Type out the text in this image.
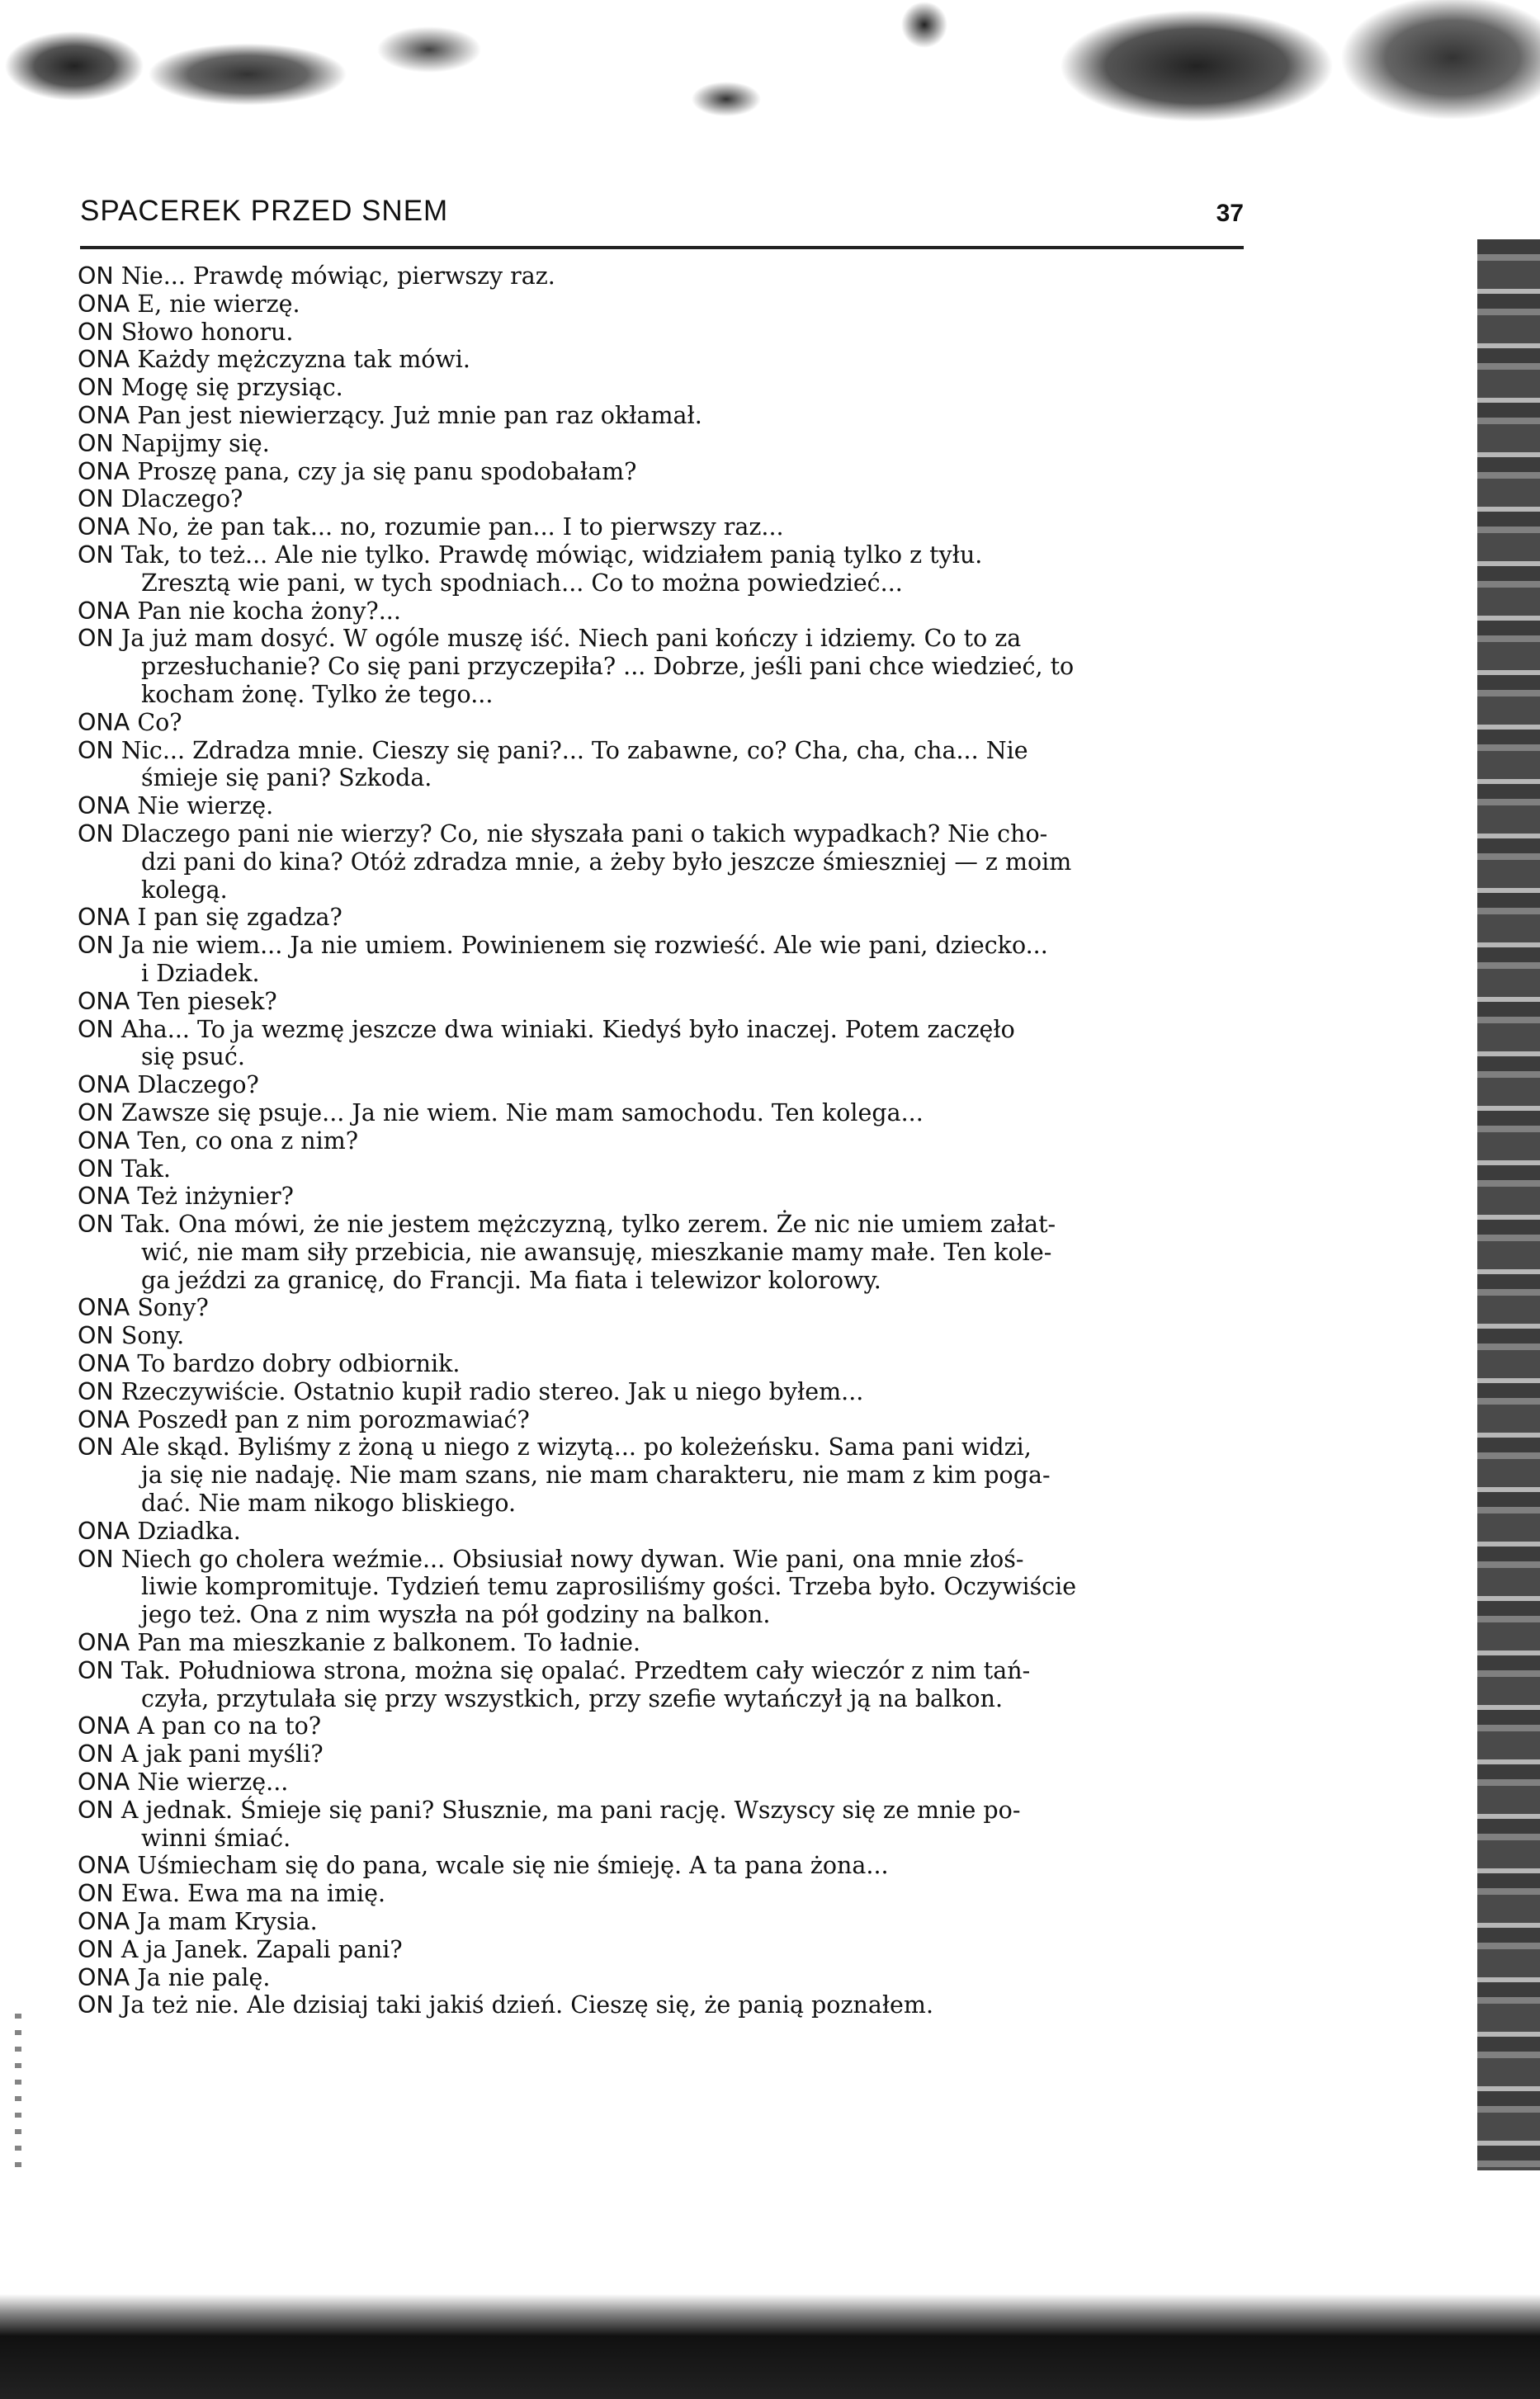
SPACEREK PRZED SNEM	37
ON Nie... Prawdę mówiąc, pierwszy raz.
ONA E, nie wierzę.
ON Słowo honoru.
ONA Każdy mężczyzna tak mówi.
ON Mogę się przysiąc.
ONA Pan jest niewierzący. Już mnie pan raz okłamał.
ON Napijmy się.
ONA Proszę pana, czy ja się panu spodobałam?
ON Dlaczego?
ONA No, że pan tak... no, rozumie pan... I to pierwszy raz...
ON Tak, to też... Ale nie tylko. Prawdę mówiąc, widziałem panią tylko z tyłu.
Zresztą wie pani, w tych spodniach... Co to można powiedzieć...
ONA Pan nie kocha żony?...
ON Ja już mam dosyć. W ogóle muszę iść. Niech pani kończy i idziemy. Co to za
przesłuchanie? Co się pani przyczepiła? ... Dobrze, jeśli pani chce wiedzieć, to
kocham żonę. Tylko że tego...
ONA Co?
ON Nic... Zdradza mnie. Cieszy się pani?... To zabawne, co? Cha, cha, cha... Nie
śmieje się pani? Szkoda.
ONA Nie wierzę.
ON Dlaczego pani nie wierzy? Co, nie słyszała pani o takich wypadkach? Nie cho-
dzi pani do kina? Otóż zdradza mnie, a żeby było jeszcze śmieszniej — z moim
kolegą.
ONA I pan się zgadza?
ON Ja nie wiem... Ja nie umiem. Powinienem się rozwieść. Ale wie pani, dziecko...
i Dziadek.
ONA Ten piesek?
ON Aha... To ja wezmę jeszcze dwa winiaki. Kiedyś było inaczej. Potem zaczęło
się psuć.
ONA Dlaczego?
ON Zawsze się psuje... Ja nie wiem. Nie mam samochodu. Ten kolega...
ONA Ten, co ona z nim?
ON Tak.
ONA Też inżynier?
ON Tak. Ona mówi, że nie jestem mężczyzną, tylko zerem. Że nic nie umiem załat-
wić, nie mam siły przebicia, nie awansuję, mieszkanie mamy małe. Ten kole-
ga jeździ za granicę, do Francji. Ma fiata i telewizor kolorowy.
ONA Sony?
ON Sony.
ONA To bardzo dobry odbiornik.
ON Rzeczywiście. Ostatnio kupił radio stereo. Jak u niego byłem...
ONA Poszedł pan z nim porozmawiać?
ON Ale skąd. Byliśmy z żoną u niego z wizytą... po koleżeńsku. Sama pani widzi,
ja się nie nadaję. Nie mam szans, nie mam charakteru, nie mam z kim poga-
dać. Nie mam nikogo bliskiego.
ONA Dziadka.
ON Niech go cholera weźmie... Obsiusiał nowy dywan. Wie pani, ona mnie złoś-
liwie kompromituje. Tydzień temu zaprosiliśmy gości. Trzeba było. Oczywiście
jego też. Ona z nim wyszła na pół godziny na balkon.
ONA Pan ma mieszkanie z balkonem. To ładnie.
ON Tak. Południowa strona, można się opalać. Przedtem cały wieczór z nim tań-
czyła, przytulała się przy wszystkich, przy szefie wytańczył ją na balkon.
ONA A pan co na to?
ON A jak pani myśli?
ONA Nie wierzę...
ON A jednak. Śmieje się pani? Słusznie, ma pani rację. Wszyscy się ze mnie po-
winni śmiać.
ONA Uśmiecham się do pana, wcale się nie śmieję. A ta pana żona...
ON Ewa. Ewa ma na imię.
ONA Ja mam Krysia.
ON A ja Janek. Zapali pani?
ONA Ja nie palę.
ON Ja też nie. Ale dzisiaj taki jakiś dzień. Cieszę się, że panią poznałem.
